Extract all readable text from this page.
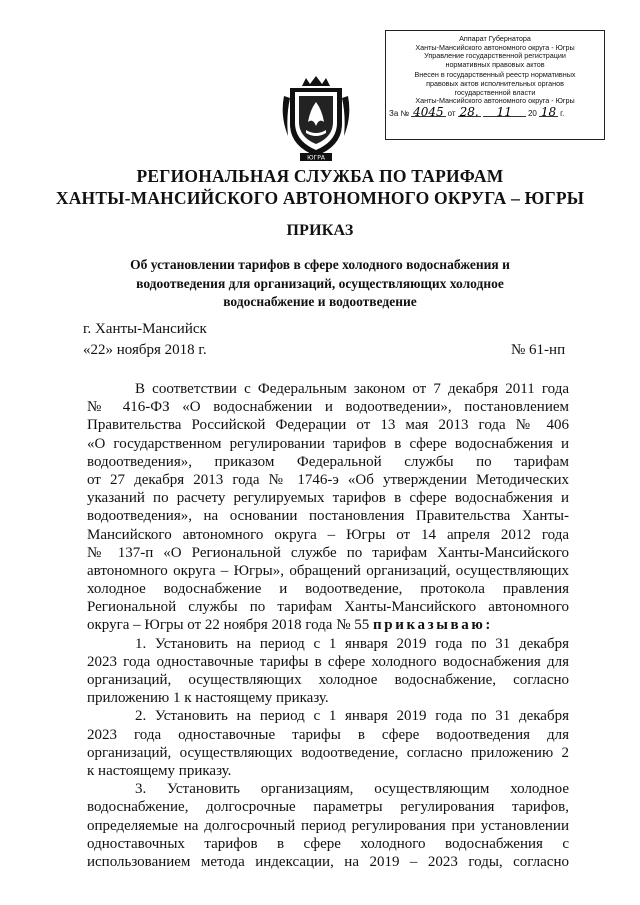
Аппарат Губернатора
Ханты-Мансийского автономного округа - Югры
Управление государственной регистрации
нормативных правовых актов
Внесен в государственный реестр нормативных
правовых актов исполнительных органов
государственной власти
Ханты-Мансийского автономного округа - Югры
За № 4045 от 28.	11	20 18 г.
ЮГРА
РЕГИОНАЛЬНАЯ СЛУЖБА ПО ТАРИФАМ
ХАНТЫ-МАНСИЙСКОГО АВТОНОМНОГО ОКРУГА – ЮГРЫ
ПРИКАЗ
Об установлении тарифов в сфере холодного водоснабжения и
водоотведения для организаций, осуществляющих холодное
водоснабжение и водоотведение
г. Ханты-Мансийск
«22» ноября 2018 г.	№ 61-нп
В соответствии с Федеральным законом от 7 декабря 2011 года
№ 416-ФЗ «О водоснабжении и водоотведении», постановлением
Правительства Российской Федерации от 13 мая 2013 года № 406
«О государственном регулировании тарифов в сфере водоснабжения и
водоотведения», приказом Федеральной службы по тарифам
от 27 декабря 2013 года № 1746-э «Об утверждении Методических
указаний по расчету регулируемых тарифов в сфере водоснабжения и
водоотведения», на основании постановления Правительства Ханты-
Мансийского автономного округа – Югры от 14 апреля 2012 года
№ 137-п «О Региональной службе по тарифам Ханты-Мансийского
автономного округа – Югры», обращений организаций, осуществляющих
холодное водоснабжение и водоотведение, протокола правления
Региональной службы по тарифам Ханты-Мансийского автономного
округа – Югры от 22 ноября 2018 года № 55 приказываю:
1. Установить на период с 1 января 2019 года по 31 декабря
2023 года одноставочные тарифы в сфере холодного водоснабжения для
организаций, осуществляющих холодное водоснабжение, согласно
приложению 1 к настоящему приказу.
2. Установить на период с 1 января 2019 года по 31 декабря
2023 года одноставочные тарифы в сфере водоотведения для
организаций, осуществляющих водоотведение, согласно приложению 2
к настоящему приказу.
3. Установить организациям, осуществляющим холодное
водоснабжение, долгосрочные параметры регулирования тарифов,
определяемые на долгосрочный период регулирования при установлении
одноставочных тарифов в сфере холодного водоснабжения с
использованием метода индексации, на 2019 – 2023 годы, согласно
